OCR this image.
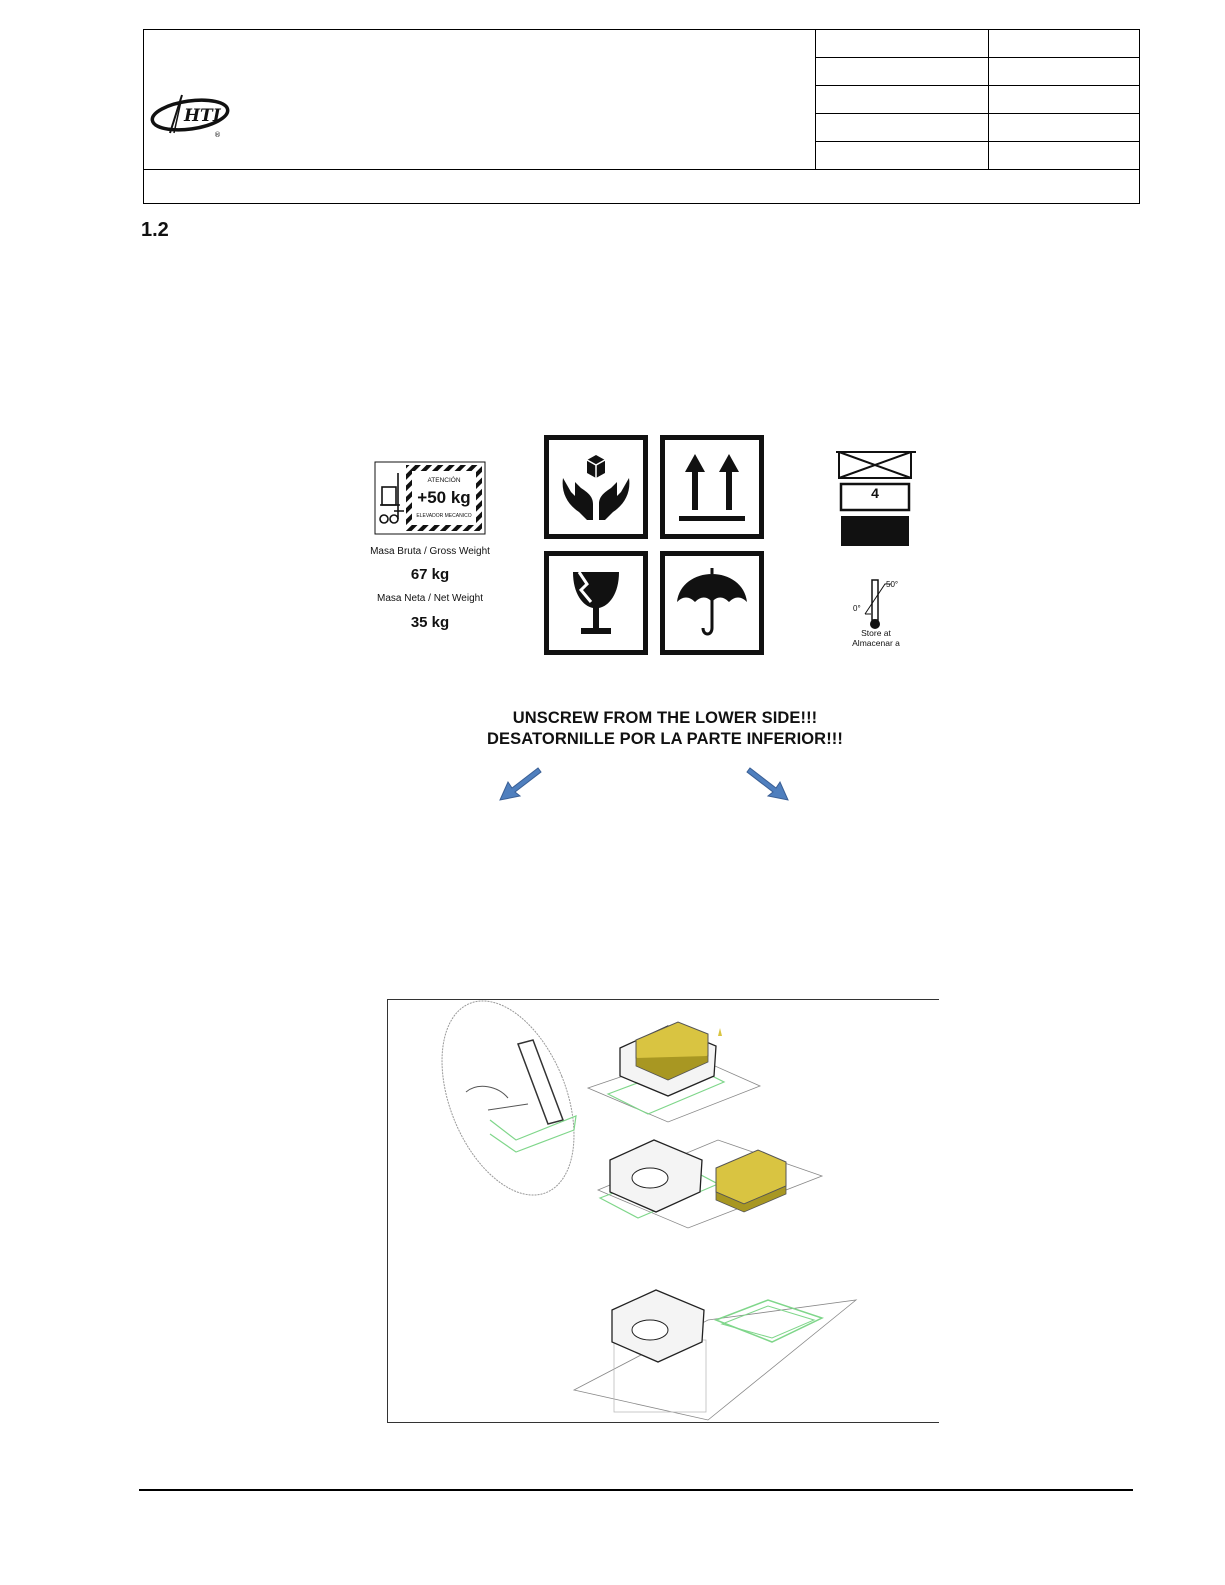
HTI
®
1.2
ATENCIÓN
+50 kg
ELEVADOR MECANICO
Masa Bruta / Gross Weight
67 kg
Masa Neta / Net Weight
35 kg
4
0°
50°
Store at
Almacenar a
UNSCREW FROM THE LOWER SIDE!!!
DESATORNILLE POR LA PARTE INFERIOR!!!
